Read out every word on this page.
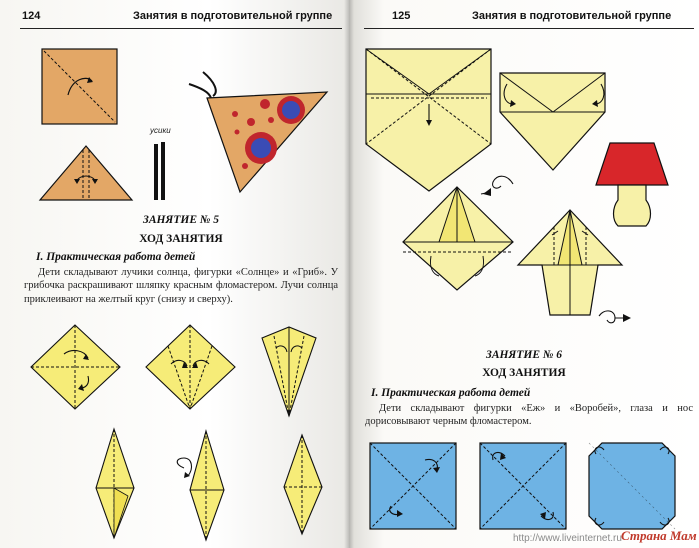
124	Занятия в подготовительной группе
усики
ЗАНЯТИЕ № 5
ХОД ЗАНЯТИЯ
I. Практическая работа детей

Дети складывают лучики солнца, фигурки «Солнце» и «Гриб». У грибочка раскрашивают шляпку красным фломастером. Лучи солнца приклеивают на желтый круг (снизу и сверху).

125	Занятия в подготовительной группе
ЗАНЯТИЕ № 6
ХОД ЗАНЯТИЯ
I. Практическая работа детей

Дети складывают фигурки «Еж» и «Воробей», глаза и нос дорисовывают черным фломастером.

http://www.liveinternet.ru Страна Мам
